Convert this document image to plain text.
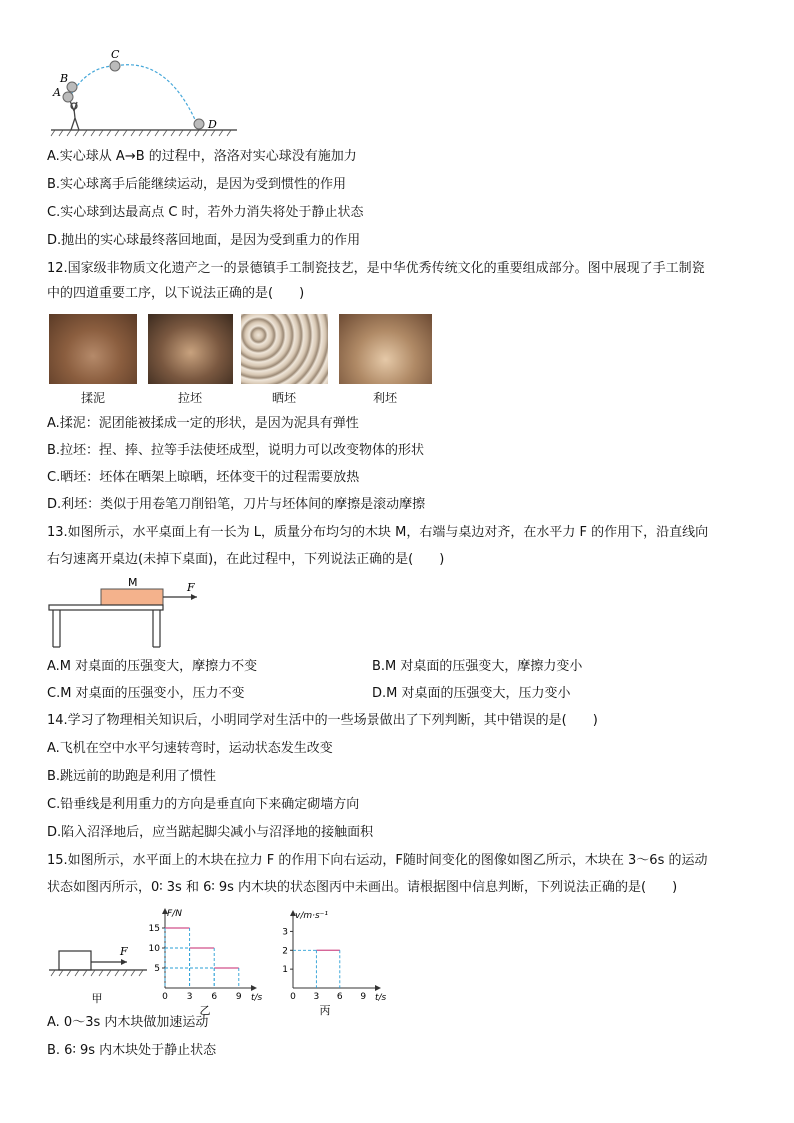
A
B
C
D
A.实心球从 A→B 的过程中，洛洛对实心球没有施加力
B.实心球离手后能继续运动，是因为受到惯性的作用
C.实心球到达最高点 C 时，若外力消失将处于静止状态
D.抛出的实心球最终落回地面，是因为受到重力的作用
12.国家级非物质文化遗产之一的景德镇手工制瓷技艺，是中华优秀传统文化的重要组成部分。图中展现了手工制瓷
中的四道重要工序，以下说法正确的是(　　)
揉泥	拉坯	晒坯	利坯
A.揉泥：泥团能被揉成一定的形状，是因为泥具有弹性
B.拉坯：捏、捧、拉等手法使坯成型，说明力可以改变物体的形状
C.晒坯：坯体在晒架上晾晒，坯体变干的过程需要放热
D.利坯：类似于用卷笔刀削铅笔，刀片与坯体间的摩擦是滚动摩擦
13.如图所示，水平桌面上有一长为 L，质量分布均匀的木块 M，右端与桌边对齐，在水平力 F 的作用下，沿直线向
右匀速离开桌边(未掉下桌面)，在此过程中，下列说法正确的是(　　)
M	F
A.M 对桌面的压强变大，摩擦力不变	B.M 对桌面的压强变大，摩擦力变小
C.M 对桌面的压强变小，压力不变	D.M 对桌面的压强变大，压力变小
14.学习了物理相关知识后，小明同学对生活中的一些场景做出了下列判断，其中错误的是(　　)
A.飞机在空中水平匀速转弯时，运动状态发生改变
B.跳远前的助跑是利用了惯性
C.铅垂线是利用重力的方向是垂直向下来确定砌墙方向
D.陷入沼泽地后，应当踮起脚尖减小与沼泽地的接触面积
15.如图所示，水平面上的木块在拉力 F 的作用下向右运动，F随时间变化的图像如图乙所示，木块在 3～6s 的运动
状态如图丙所示，0∶ 3s 和 6∶ 9s 内木块的状态图丙中未画出。请根据图中信息判断，下列说法正确的是(　　)
F
甲
F/N
t/s
0 3 6 9
5
10
15
乙
v/m·s⁻¹
t/s
0 3 6 9
1
2
3
丙
A. 0～3s 内木块做加速运动
B. 6∶ 9s 内木块处于静止状态
